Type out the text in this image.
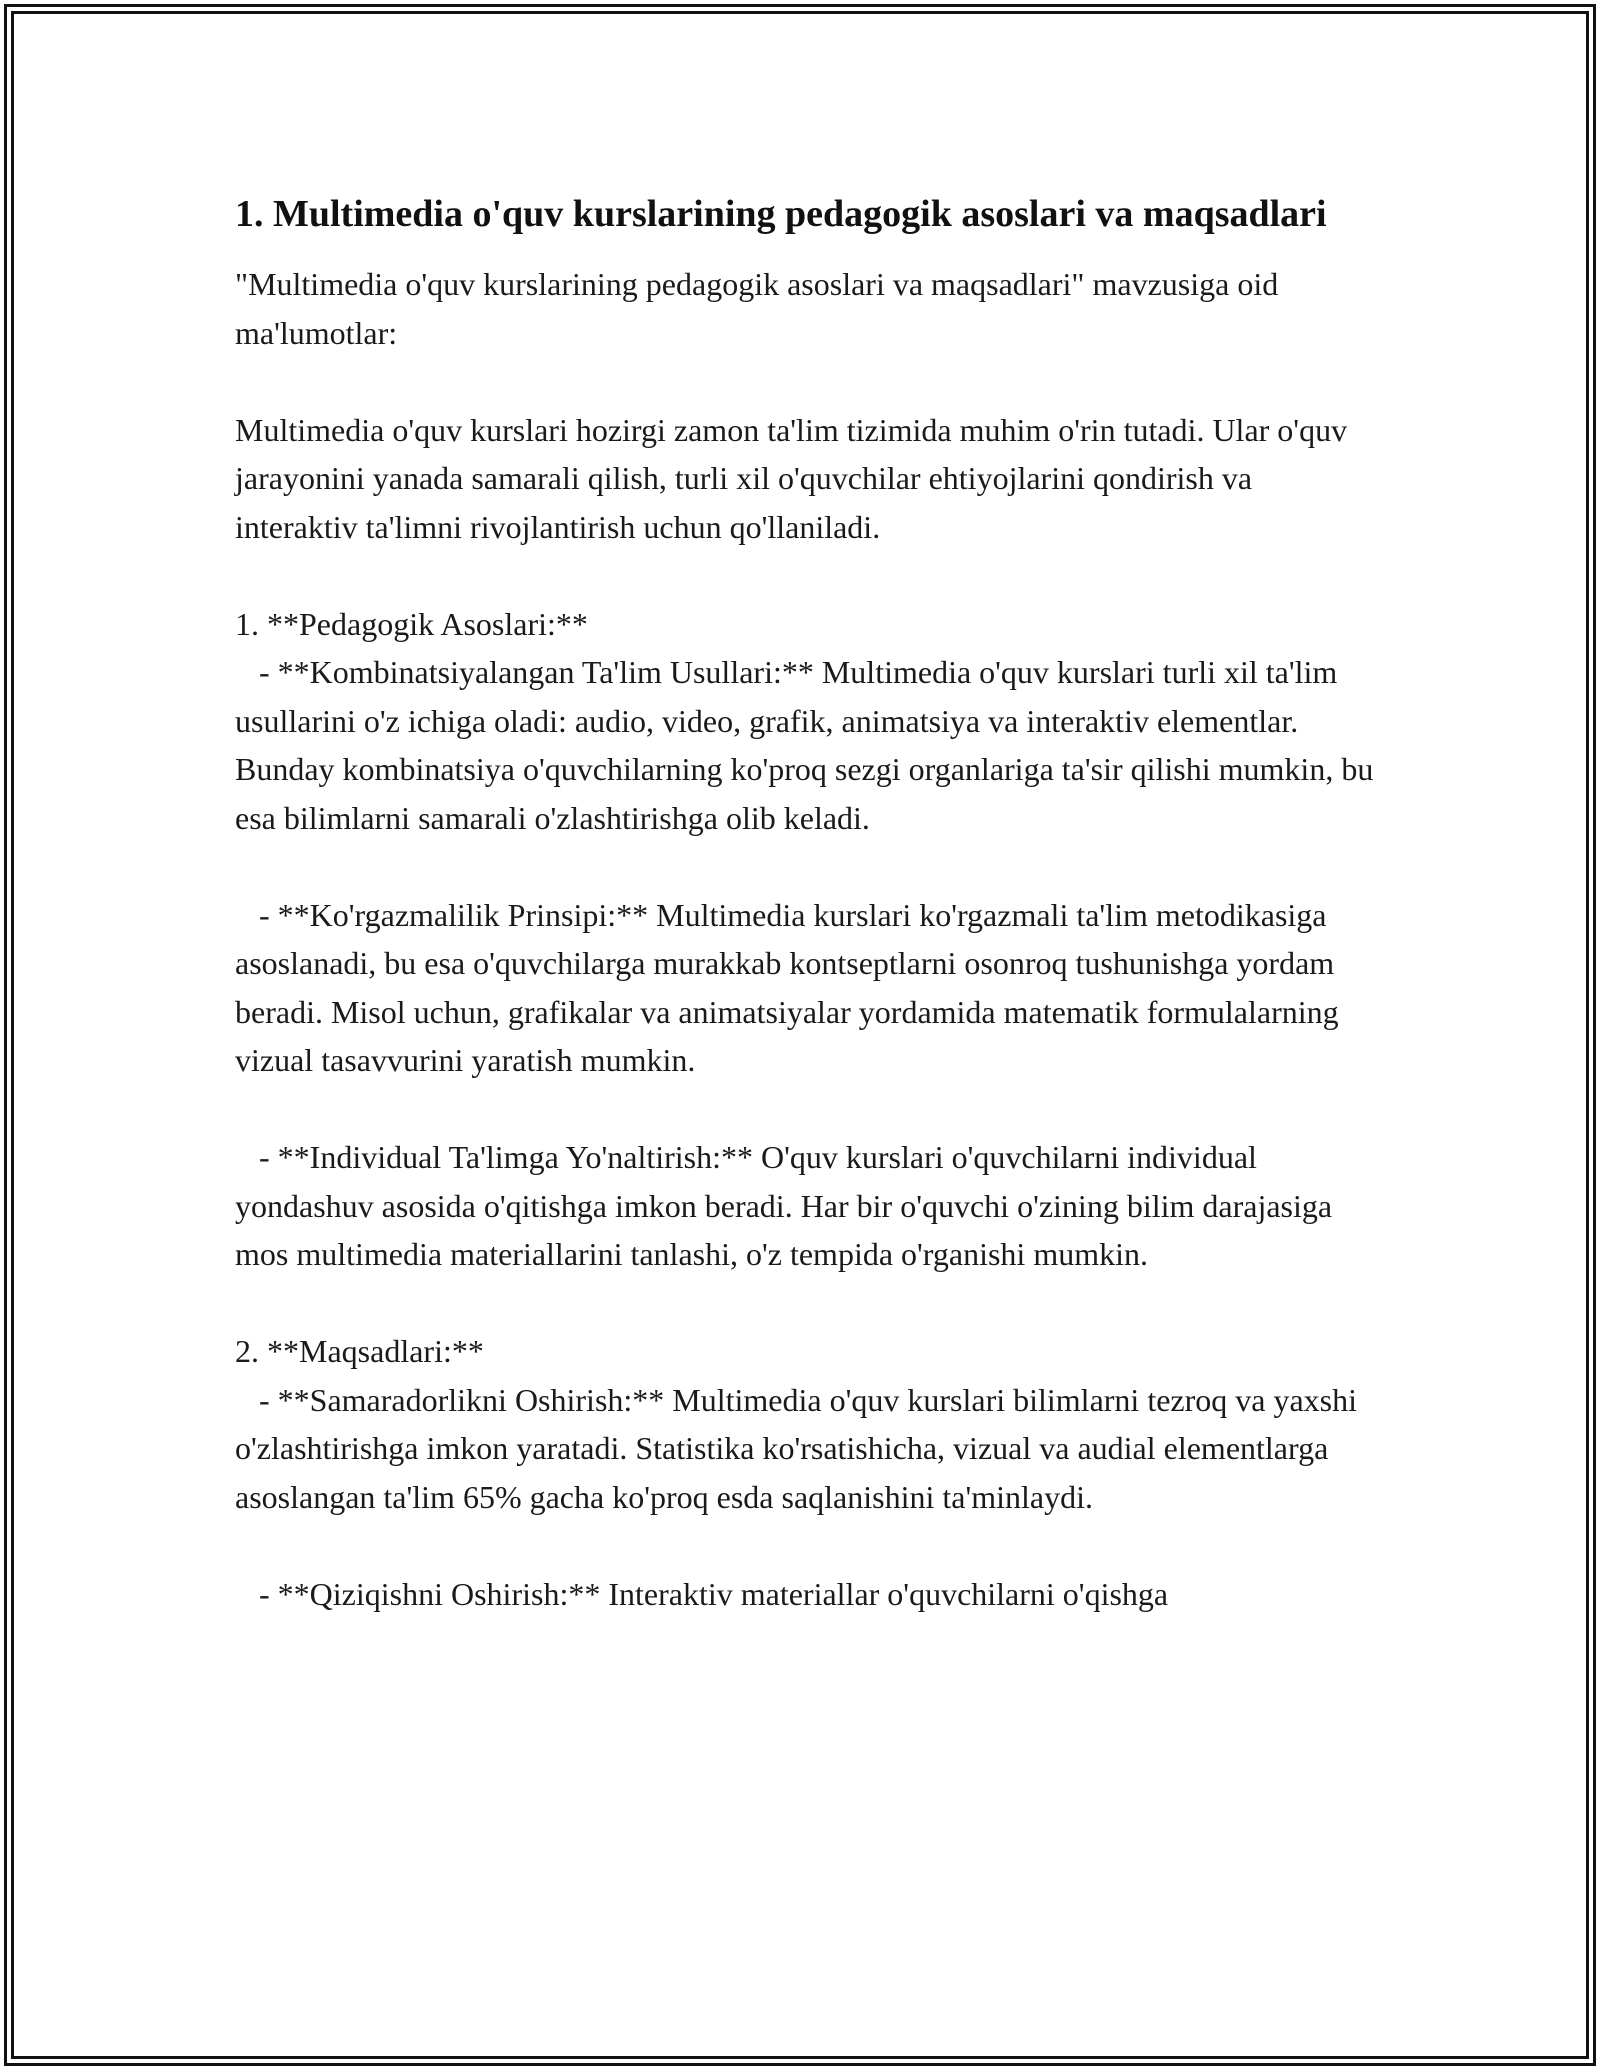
1. Multimedia o'quv kurslarining pedagogik asoslari va maqsadlari

"Multimedia o'quv kurslarining pedagogik asoslari va maqsadlari" mavzusiga oid ma'lumotlar:

Multimedia o'quv kurslari hozirgi zamon ta'lim tizimida muhim o'rin tutadi. Ular o'quv jarayonini yanada samarali qilish, turli xil o'quvchilar ehtiyojlarini qondirish va interaktiv ta'limni rivojlantirish uchun qo'llaniladi.

1. **Pedagogik Asoslari:**

- **Kombinatsiyalangan Ta'lim Usullari:** Multimedia o'quv kurslari turli xil ta'lim usullarini o'z ichiga oladi: audio, video, grafik, animatsiya va interaktiv elementlar. Bunday kombinatsiya o'quvchilarning ko'proq sezgi organlariga ta'sir qilishi mumkin, bu esa bilimlarni samarali o'zlashtirishga olib keladi.

- **Ko'rgazmalilik Prinsipi:** Multimedia kurslari ko'rgazmali ta'lim metodikasiga asoslanadi, bu esa o'quvchilarga murakkab kontseptlarni osonroq tushunishga yordam beradi. Misol uchun, grafikalar va animatsiyalar yordamida matematik formulalarning vizual tasavvurini yaratish mumkin.

- **Individual Ta'limga Yo'naltirish:** O'quv kurslari o'quvchilarni individual yondashuv asosida o'qitishga imkon beradi. Har bir o'quvchi o'zining bilim darajasiga mos multimedia materiallarini tanlashi, o'z tempida o'rganishi mumkin.

2. **Maqsadlari:**

- **Samaradorlikni Oshirish:** Multimedia o'quv kurslari bilimlarni tezroq va yaxshi o'zlashtirishga imkon yaratadi. Statistika ko'rsatishicha, vizual va audial elementlarga asoslangan ta'lim 65% gacha ko'proq esda saqlanishini ta'minlaydi.

- **Qiziqishni Oshirish:** Interaktiv materiallar o'quvchilarni o'qishga
